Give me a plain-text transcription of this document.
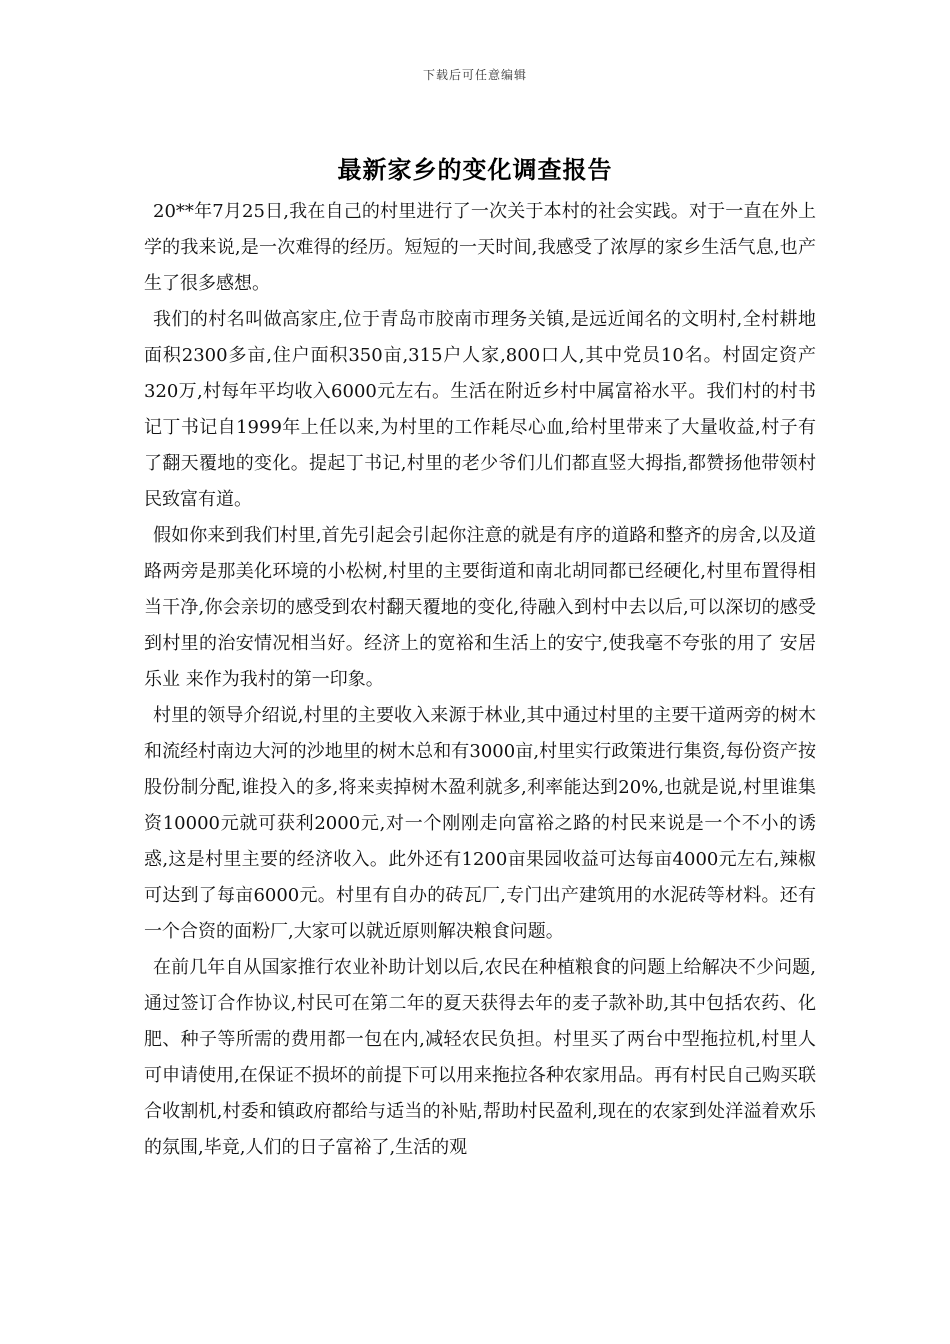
下载后可任意编辑
最新家乡的变化调查报告

20**年7月25日,我在自己的村里进行了一次关于本村的社会实践。对于一直在外上学的我来说,是一次难得的经历。短短的一天时间,我感受了浓厚的家乡生活气息,也产生了很多感想。

我们的村名叫做高家庄,位于青岛市胶南市理务关镇,是远近闻名的文明村,全村耕地面积2300多亩,住户面积350亩,315户人家,800口人,其中党员10名。村固定资产320万,村每年平均收入6000元左右。生活在附近乡村中属富裕水平。我们村的村书记丁书记自1999年上任以来,为村里的工作耗尽心血,给村里带来了大量收益,村子有了翻天覆地的变化。提起丁书记,村里的老少爷们儿们都直竖大拇指,都赞扬他带领村民致富有道。

假如你来到我们村里,首先引起会引起你注意的就是有序的道路和整齐的房舍,以及道路两旁是那美化环境的小松树,村里的主要街道和南北胡同都已经硬化,村里布置得相当干净,你会亲切的感受到农村翻天覆地的变化,待融入到村中去以后,可以深切的感受到村里的治安情况相当好。经济上的宽裕和生活上的安宁,使我毫不夸张的用了 安居乐业 来作为我村的第一印象。

村里的领导介绍说,村里的主要收入来源于林业,其中通过村里的主要干道两旁的树木和流经村南边大河的沙地里的树木总和有3000亩,村里实行政策进行集资,每份资产按股份制分配,谁投入的多,将来卖掉树木盈利就多,利率能达到20%,也就是说,村里谁集资10000元就可获利2000元,对一个刚刚走向富裕之路的村民来说是一个不小的诱惑,这是村里主要的经济收入。此外还有1200亩果园收益可达每亩4000元左右,辣椒可达到了每亩6000元。村里有自办的砖瓦厂,专门出产建筑用的水泥砖等材料。还有一个合资的面粉厂,大家可以就近原则解决粮食问题。

在前几年自从国家推行农业补助计划以后,农民在种植粮食的问题上给解决不少问题,通过签订合作协议,村民可在第二年的夏天获得去年的麦子款补助,其中包括农药、化肥、种子等所需的费用都一包在内,减轻农民负担。村里买了两台中型拖拉机,村里人可申请使用,在保证不损坏的前提下可以用来拖拉各种农家用品。再有村民自己购买联合收割机,村委和镇政府都给与适当的补贴,帮助村民盈利,现在的农家到处洋溢着欢乐的氛围,毕竟,人们的日子富裕了,生活的观
